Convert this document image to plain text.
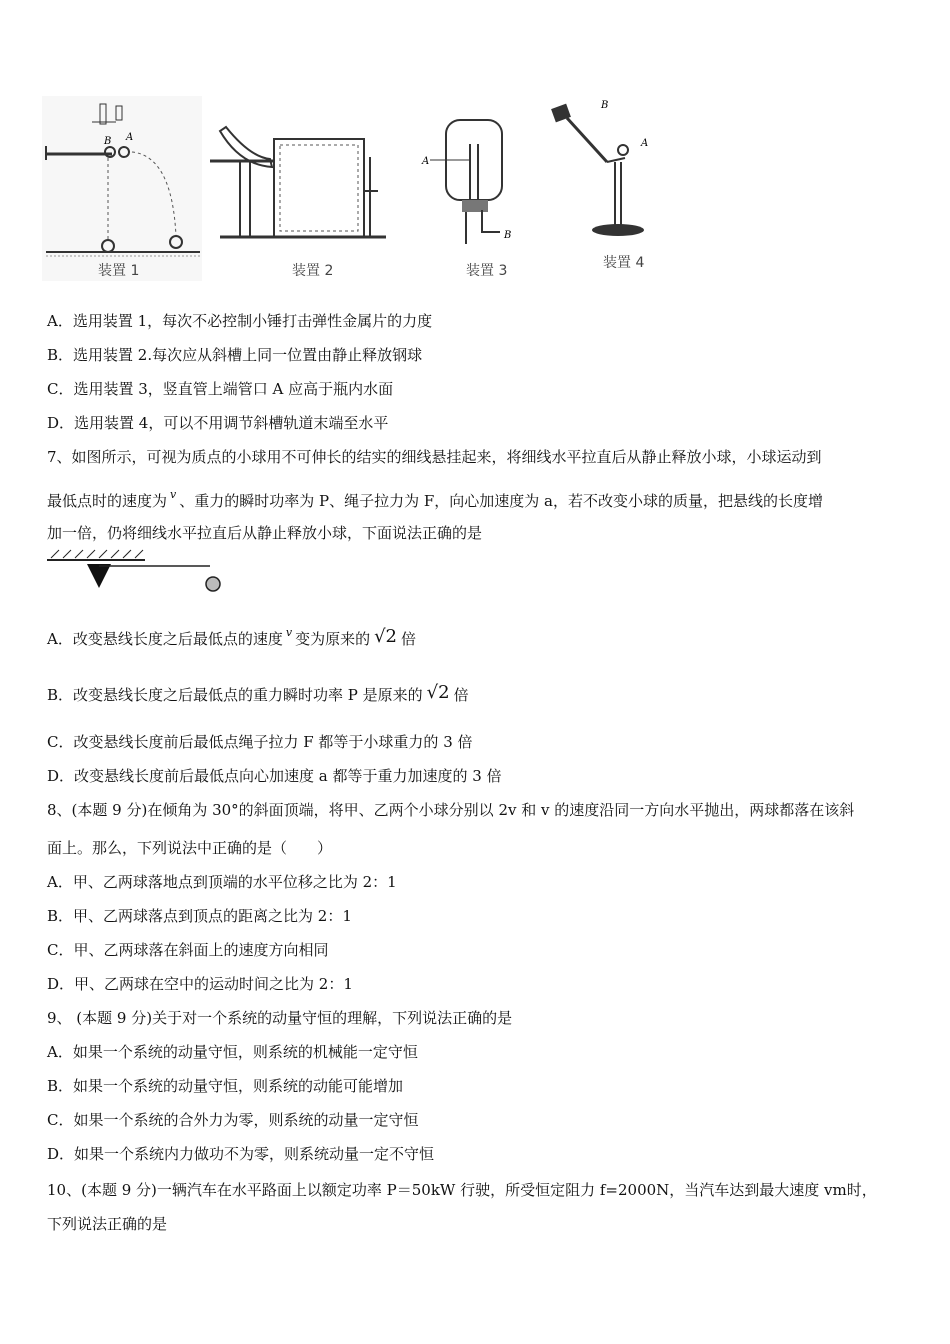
B A
装置 1	装置 2
A
B
装置 3
B
A
装置 4
A．选用装置 1，每次不必控制小锤打击弹性金属片的力度
B．选用装置 2.每次应从斜槽上同一位置由静止释放钢球
C．选用装置 3，竖直管上端管口 A 应高于瓶内水面
D．选用装置 4，可以不用调节斜槽轨道末端至水平
7、如图所示，可视为质点的小球用不可伸长的结实的细线悬挂起来，将细线水平拉直后从静止释放小球，小球运动到
最低点时的速度为 $^v$ 、重力的瞬时功率为 P、绳子拉力为 F，向心加速度为 a，若不改变小球的质量，把悬线的长度增
加一倍，仍将细线水平拉直后从静止释放小球，下面说法正确的是
A．改变悬线长度之后最低点的速度 $^v$ 变为原来的 √2 倍
B．改变悬线长度之后最低点的重力瞬时功率 P 是原来的 √2 倍
C．改变悬线长度前后最低点绳子拉力 F 都等于小球重力的 3 倍
D．改变悬线长度前后最低点向心加速度 a 都等于重力加速度的 3 倍
8、(本题 9 分)在倾角为 30°的斜面顶端，将甲、乙两个小球分别以 2v 和 v 的速度沿同一方向水平抛出，两球都落在该斜
面上。那么，下列说法中正确的是（　　）
A．甲、乙两球落地点到顶端的水平位移之比为 2：1
B．甲、乙两球落点到顶点的距离之比为 2：1
C．甲、乙两球落在斜面上的速度方向相同
D．甲、乙两球在空中的运动时间之比为 2：1
9、 (本题 9 分)关于对一个系统的动量守恒的理解，下列说法正确的是
A．如果一个系统的动量守恒，则系统的机械能一定守恒
B．如果一个系统的动量守恒，则系统的动能可能增加
C．如果一个系统的合外力为零，则系统的动量一定守恒
D．如果一个系统内力做功不为零，则系统动量一定不守恒
10、(本题 9 分)一辆汽车在水平路面上以额定功率 P＝50kW 行驶，所受恒定阻力 f=2000N，当汽车达到最大速度 vm时，
下列说法正确的是
